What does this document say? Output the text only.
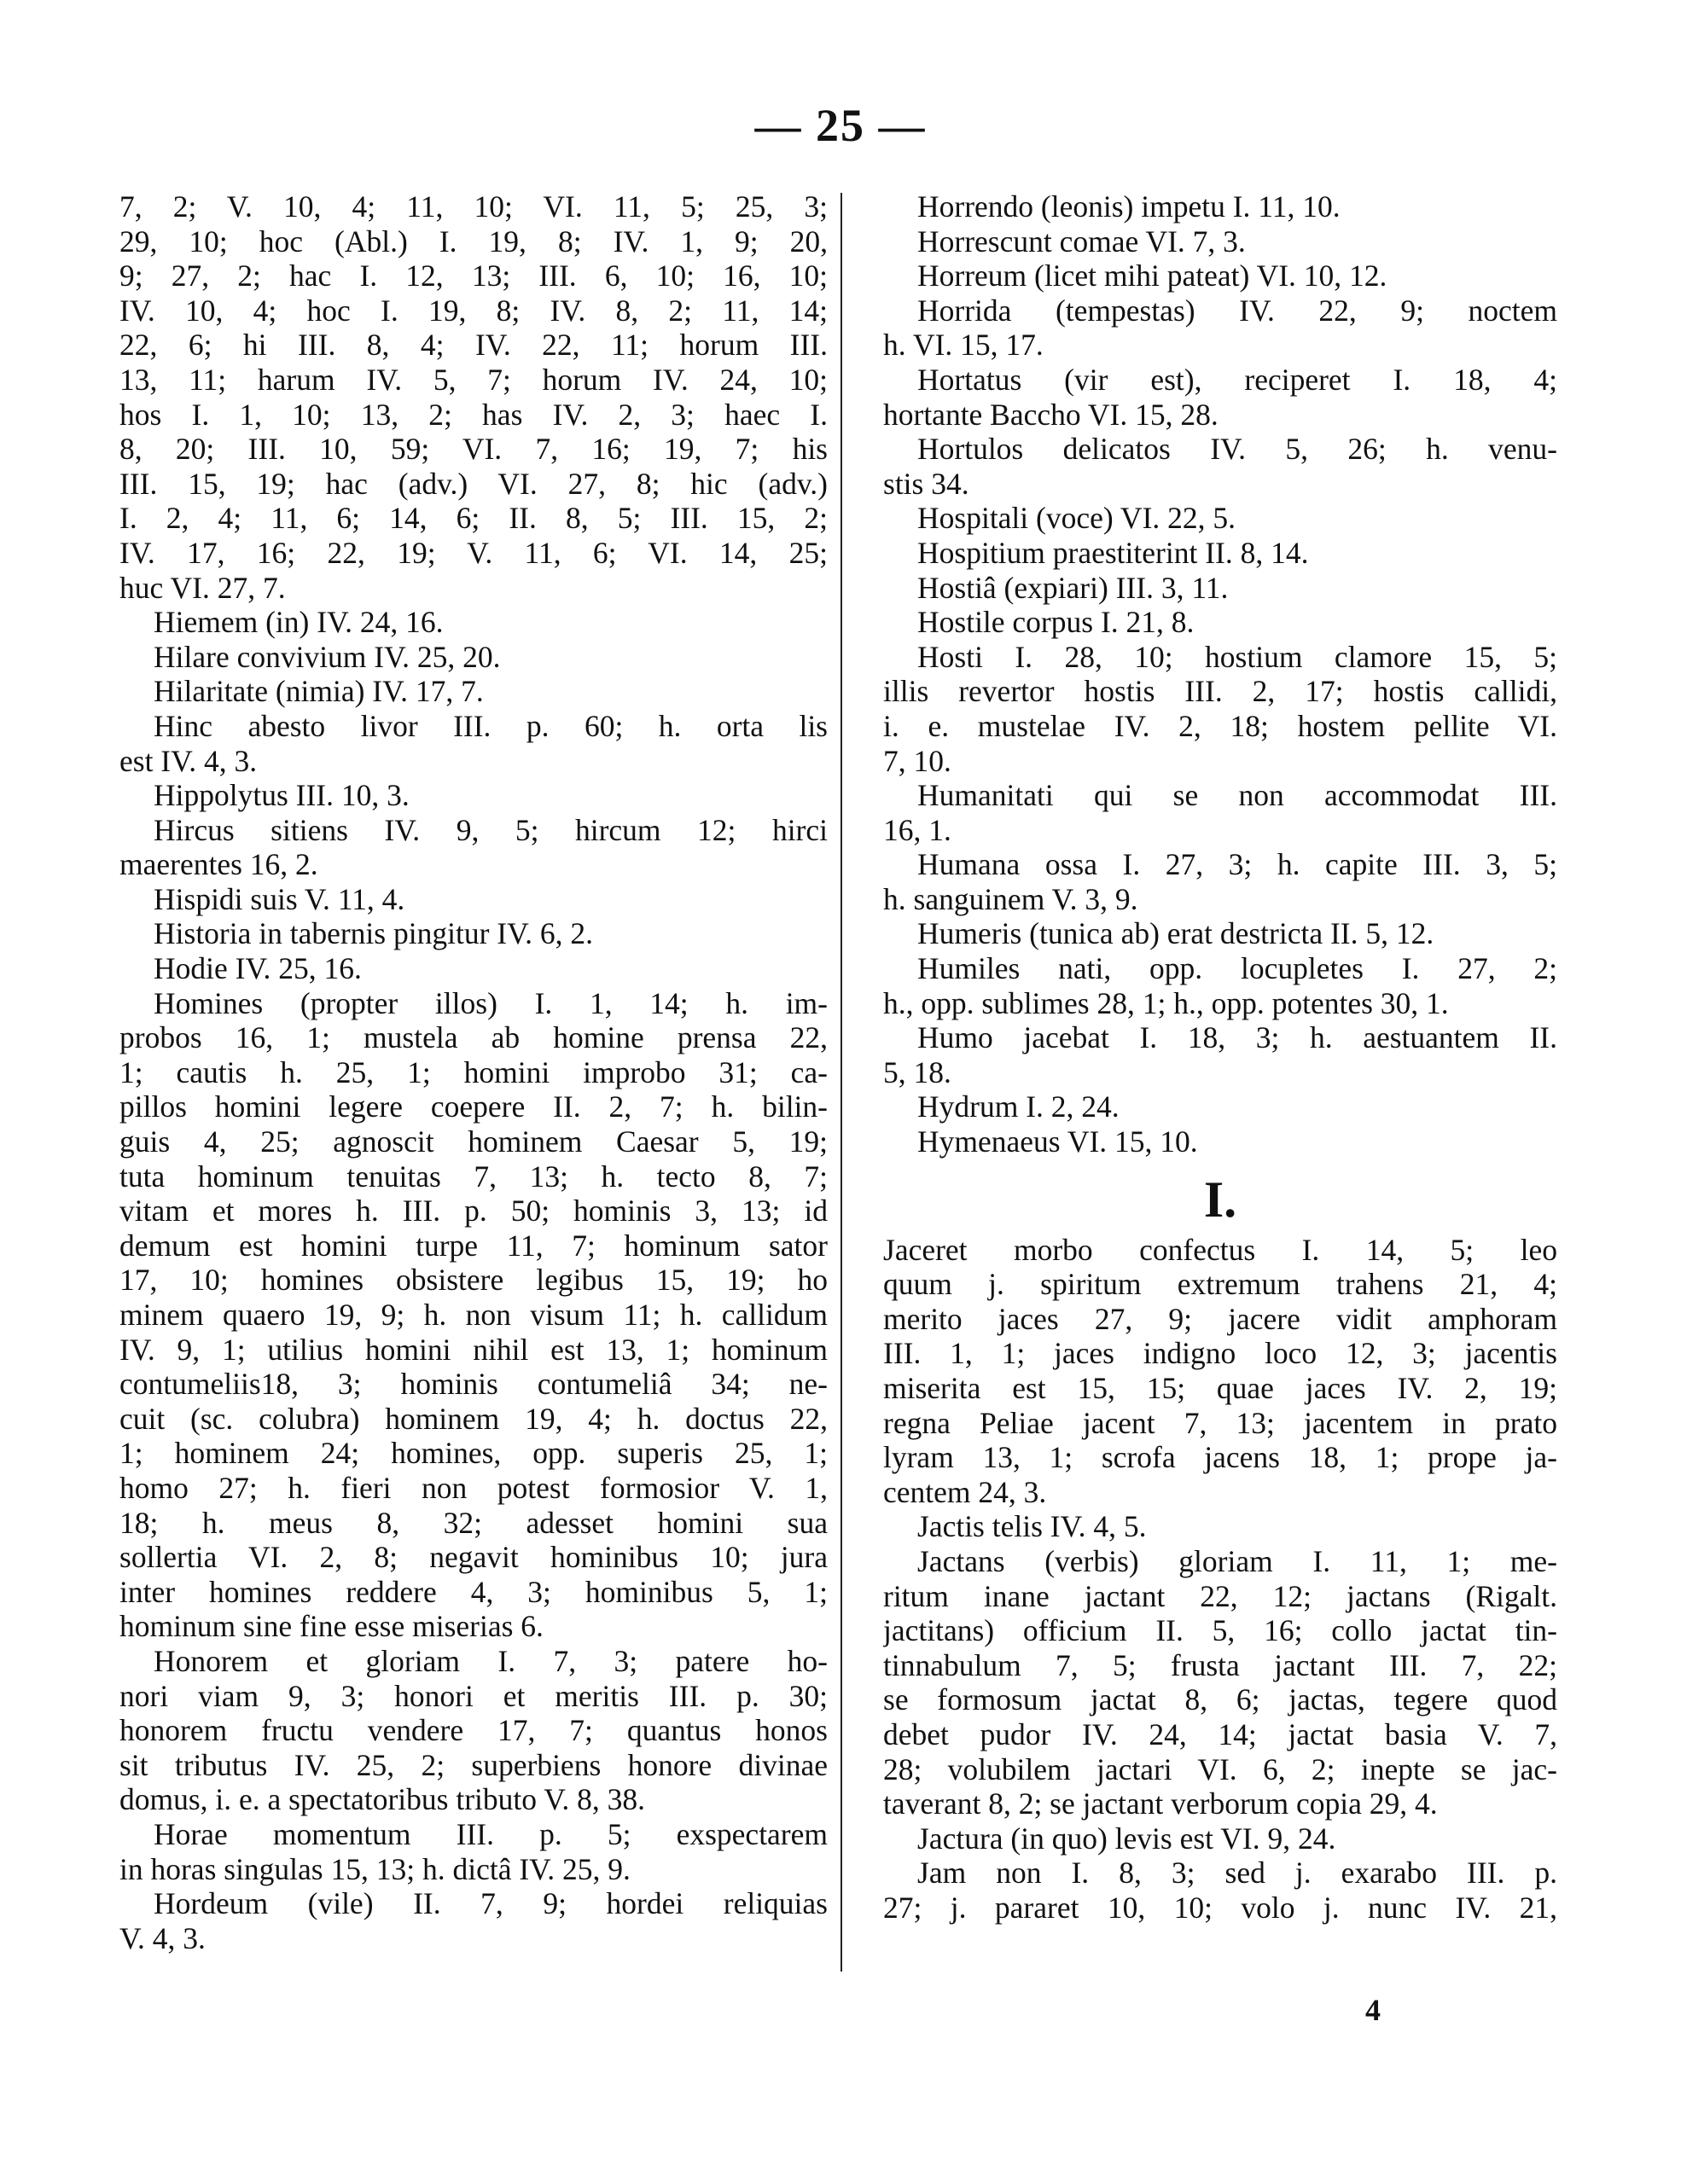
— 25 —
7, 2; V. 10, 4; 11, 10; VI. 11, 5; 25, 3;
29, 10; hoc (Abl.) I. 19, 8; IV. 1, 9; 20,
9; 27, 2; hac I. 12, 13; III. 6, 10; 16, 10;
IV. 10, 4; hoc I. 19, 8; IV. 8, 2; 11, 14;
22, 6; hi III. 8, 4; IV. 22, 11; horum III.
13, 11; harum IV. 5, 7; horum IV. 24, 10;
hos I. 1, 10; 13, 2; has IV. 2, 3; haec I.
8, 20; III. 10, 59; VI. 7, 16; 19, 7; his
III. 15, 19; hac (adv.) VI. 27, 8; hic (adv.)
I. 2, 4; 11, 6; 14, 6; II. 8, 5; III. 15, 2;
IV. 17, 16; 22, 19; V. 11, 6; VI. 14, 25;
huc VI. 27, 7.
Hiemem (in) IV. 24, 16.
Hilare convivium IV. 25, 20.
Hilaritate (nimia) IV. 17, 7.
Hinc abesto livor III. p. 60; h. orta lis
est IV. 4, 3.
Hippolytus III. 10, 3.
Hircus sitiens IV. 9, 5; hircum 12; hirci
maerentes 16, 2.
Hispidi suis V. 11, 4.
Historia in tabernis pingitur IV. 6, 2.
Hodie IV. 25, 16.
Homines (propter illos) I. 1, 14; h. im-
probos 16, 1; mustela ab homine prensa 22,
1; cautis h. 25, 1; homini improbo 31; ca-
pillos homini legere coepere II. 2, 7; h. bilin-
guis 4, 25; agnoscit hominem Caesar 5, 19;
tuta hominum tenuitas 7, 13; h. tecto 8, 7;
vitam et mores h. III. p. 50; hominis 3, 13; id
demum est homini turpe 11, 7; hominum sator
17, 10; homines obsistere legibus 15, 19; ho
minem quaero 19, 9; h. non visum 11; h. callidum
IV. 9, 1; utilius homini nihil est 13, 1; hominum
contumeliis18, 3; hominis contumeliâ 34; ne-
cuit (sc. colubra) hominem 19, 4; h. doctus 22,
1; hominem 24; homines, opp. superis 25, 1;
homo 27; h. fieri non potest formosior V. 1,
18; h. meus 8, 32; adesset homini sua
sollertia VI. 2, 8; negavit hominibus 10; jura
inter homines reddere 4, 3; hominibus 5, 1;
hominum sine fine esse miserias 6.
Honorem et gloriam I. 7, 3; patere ho-
nori viam 9, 3; honori et meritis III. p. 30;
honorem fructu vendere 17, 7; quantus honos
sit tributus IV. 25, 2; superbiens honore divinae
domus, i. e. a spectatoribus tributo V. 8, 38.
Horae momentum III. p. 5; exspectarem
in horas singulas 15, 13; h. dictâ IV. 25, 9.
Hordeum (vile) II. 7, 9; hordei reliquias
V. 4, 3.
Horrendo (leonis) impetu I. 11, 10.
Horrescunt comae VI. 7, 3.
Horreum (licet mihi pateat) VI. 10, 12.
Horrida (tempestas) IV. 22, 9; noctem
h. VI. 15, 17.
Hortatus (vir est), reciperet I. 18, 4;
hortante Baccho VI. 15, 28.
Hortulos delicatos IV. 5, 26; h. venu-
stis 34.
Hospitali (voce) VI. 22, 5.
Hospitium praestiterint II. 8, 14.
Hostiâ (expiari) III. 3, 11.
Hostile corpus I. 21, 8.
Hosti I. 28, 10; hostium clamore 15, 5;
illis revertor hostis III. 2, 17; hostis callidi,
i. e. mustelae IV. 2, 18; hostem pellite VI.
7, 10.
Humanitati qui se non accommodat III.
16, 1.
Humana ossa I. 27, 3; h. capite III. 3, 5;
h. sanguinem V. 3, 9.
Humeris (tunica ab) erat destricta II. 5, 12.
Humiles nati, opp. locupletes I. 27, 2;
h., opp. sublimes 28, 1; h., opp. potentes 30, 1.
Humo jacebat I. 18, 3; h. aestuantem II.
5, 18.
Hydrum I. 2, 24.
Hymenaeus VI. 15, 10.
I.
Jaceret morbo confectus I. 14, 5; leo
quum j. spiritum extremum trahens 21, 4;
merito jaces 27, 9; jacere vidit amphoram
III. 1, 1; jaces indigno loco 12, 3; jacentis
miserita est 15, 15; quae jaces IV. 2, 19;
regna Peliae jacent 7, 13; jacentem in prato
lyram 13, 1; scrofa jacens 18, 1; prope ja-
centem 24, 3.
Jactis telis IV. 4, 5.
Jactans (verbis) gloriam I. 11, 1; me-
ritum inane jactant 22, 12; jactans (Rigalt.
jactitans) officium II. 5, 16; collo jactat tin-
tinnabulum 7, 5; frusta jactant III. 7, 22;
se formosum jactat 8, 6; jactas, tegere quod
debet pudor IV. 24, 14; jactat basia V. 7,
28; volubilem jactari VI. 6, 2; inepte se jac-
taverant 8, 2; se jactant verborum copia 29, 4.
Jactura (in quo) levis est VI. 9, 24.
Jam non I. 8, 3; sed j. exarabo III. p.
27; j. pararet 10, 10; volo j. nunc IV. 21,
4
